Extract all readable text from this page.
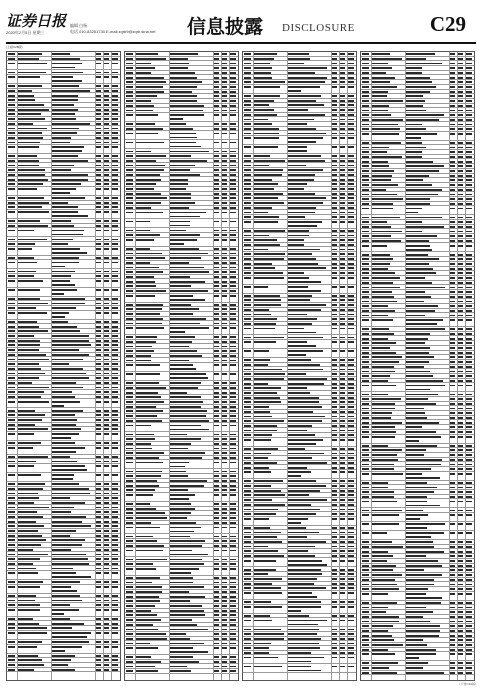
证券日报
2020年2月5日 星期三
编辑 白杨
电话 010-83251730 E-mail:zqrb9@zqrb.sina.net 信息披露 DISCLOSURE	C29
(上接C28版)
(下转C30版)
